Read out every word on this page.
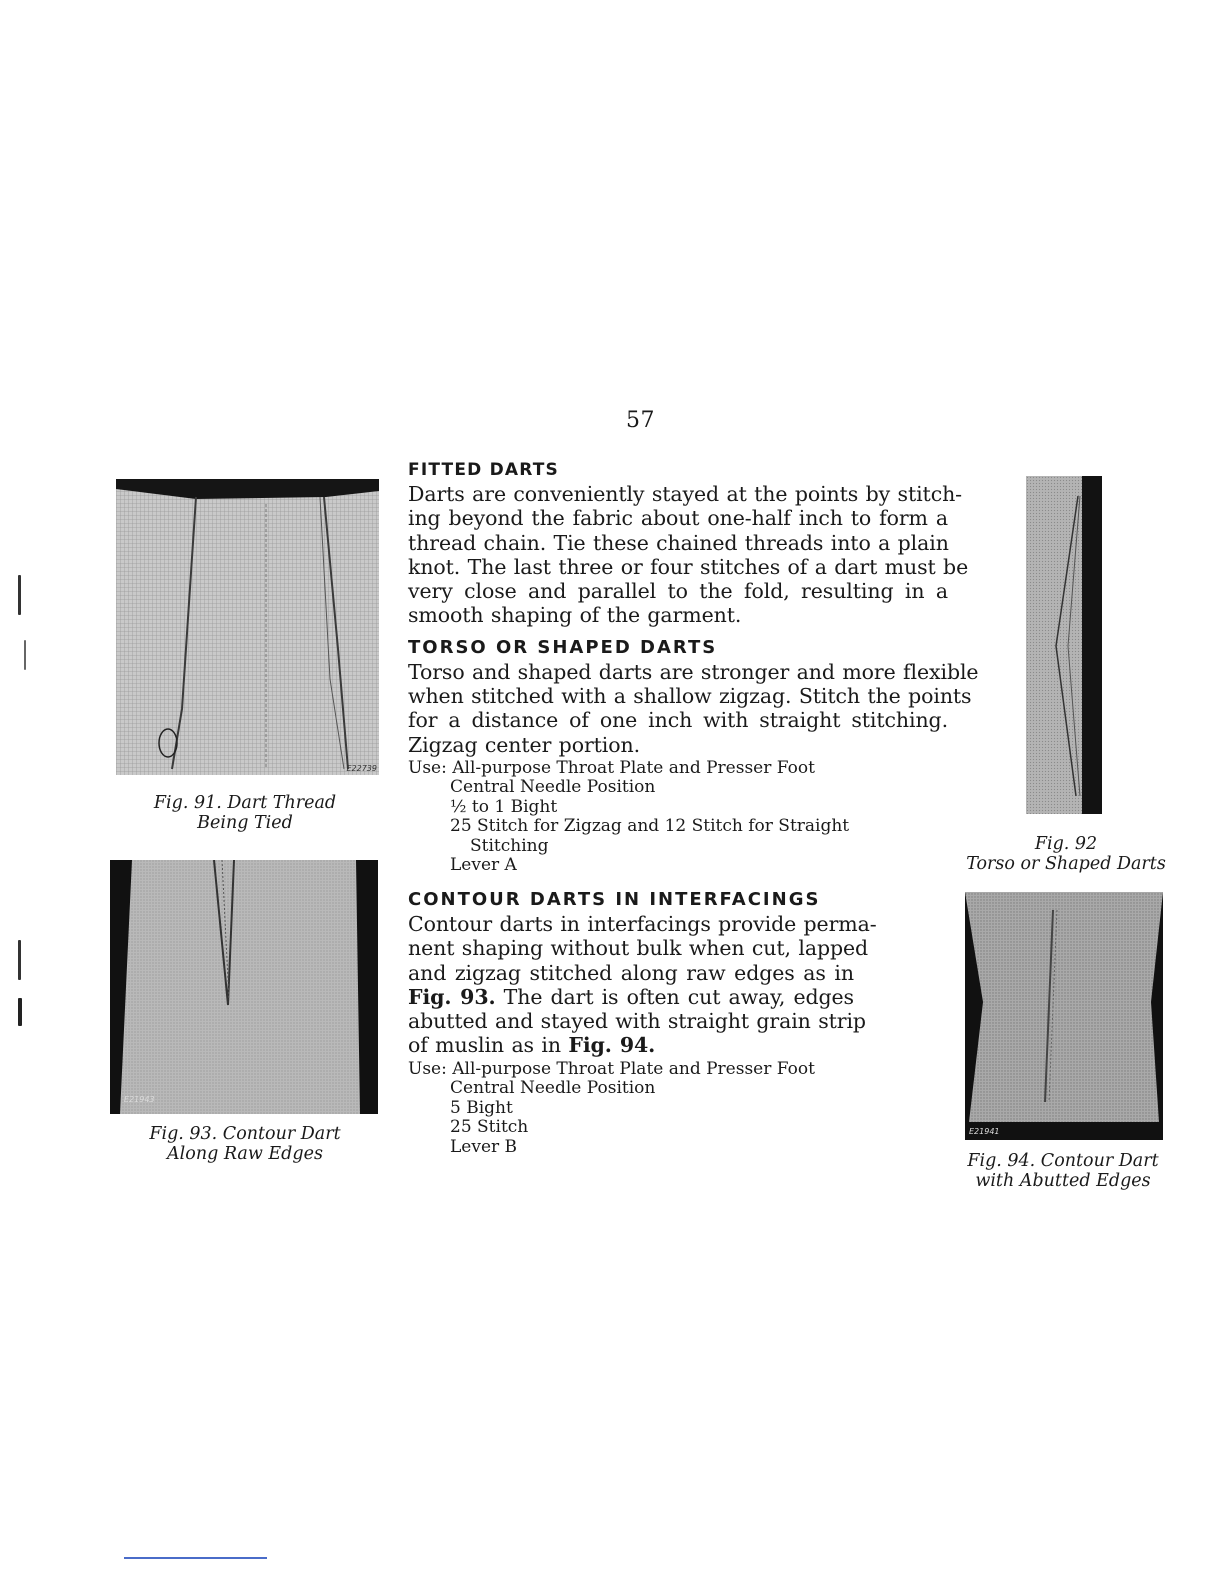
57
E22739
Fig. 91. Dart Thread
Being Tied
E21943
Fig. 93. Contour Dart
Along Raw Edges
Fig. 92
Torso or Shaped Darts
E21941
Fig. 94. Contour Dart
with Abutted Edges
FITTED DARTS

Darts are conveniently stayed at the points by stitch-
ing beyond the fabric about one-half inch to form a
thread chain. Tie these chained threads into a plain
knot. The last three or four stitches of a dart must be
very close and parallel to the fold, resulting in a
smooth shaping of the garment.

TORSO OR SHAPED DARTS

Torso and shaped darts are stronger and more flexible
when stitched with a shallow zigzag. Stitch the points
for a distance of one inch with straight stitching.
Zigzag center portion.

Use: All-purpose Throat Plate and Presser Foot
Central Needle Position
½ to 1 Bight
25 Stitch for Zigzag and 12 Stitch for Straight
Stitching
Lever A
CONTOUR DARTS IN INTERFACINGS

Contour darts in interfacings provide perma-
nent shaping without bulk when cut, lapped
and zigzag stitched along raw edges as in
Fig. 93. The dart is often cut away, edges
abutted and stayed with straight grain strip
of muslin as in Fig. 94.

Use: All-purpose Throat Plate and Presser Foot
Central Needle Position
5 Bight
25 Stitch
Lever B
